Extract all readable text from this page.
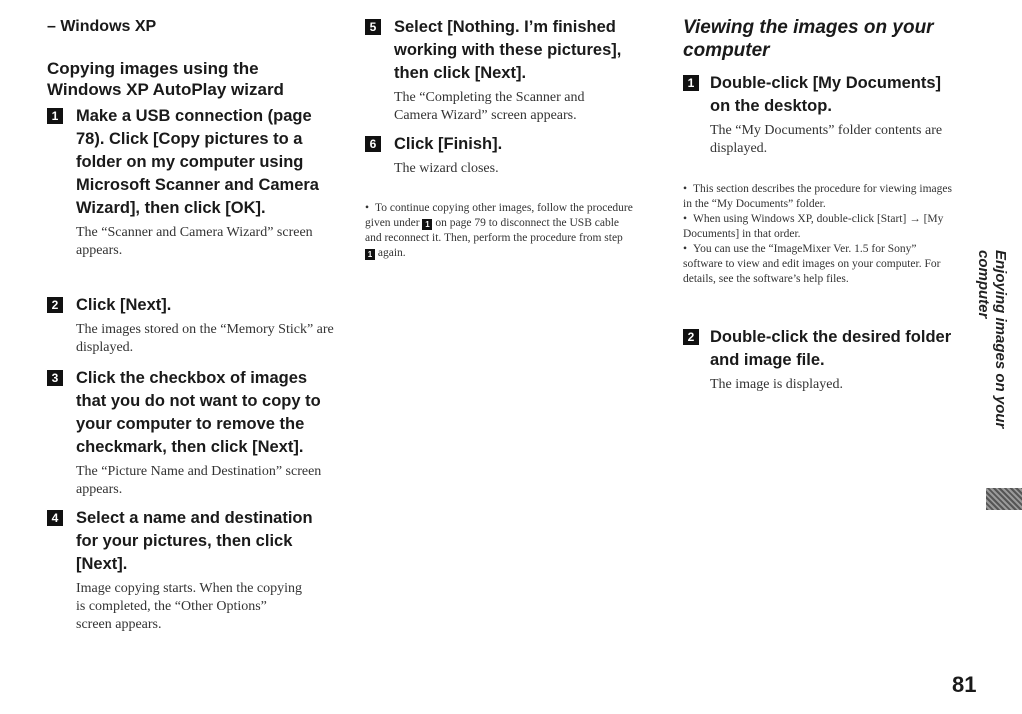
– Windows XP
Copying images using the Windows XP AutoPlay wizard
1 Make a USB connection (page 78). Click [Copy pictures to a folder on my computer using Microsoft Scanner and Camera Wizard], then click [OK].
The “Scanner and Camera Wizard” screen appears.
2 Click [Next].
The images stored on the “Memory Stick” are displayed.
3 Click the checkbox of images that you do not want to copy to your computer to remove the checkmark, then click [Next].
The “Picture Name and Destination” screen appears.
4 Select a name and destination for your pictures, then click [Next].
Image copying starts. When the copying is completed, the “Other Options” screen appears.
5 Select [Nothing. I’m finished working with these pictures], then click [Next].
The “Completing the Scanner and Camera Wizard” screen appears.
6 Click [Finish].
The wizard closes.
• To continue copying other images, follow the procedure given under 1 on page 79 to disconnect the USB cable and reconnect it. Then, perform the procedure from step 1 again.
Viewing the images on your computer
1 Double-click [My Documents] on the desktop.
The “My Documents” folder contents are displayed.
• This section describes the procedure for viewing images in the “My Documents” folder.
• When using Windows XP, double-click [Start] → [My Documents] in that order.
• You can use the “ImageMixer Ver. 1.5 for Sony” software to view and edit images on your computer. For details, see the software’s help files.
2 Double-click the desired folder and image file.
The image is displayed.	Enjoying images on your computer
81
